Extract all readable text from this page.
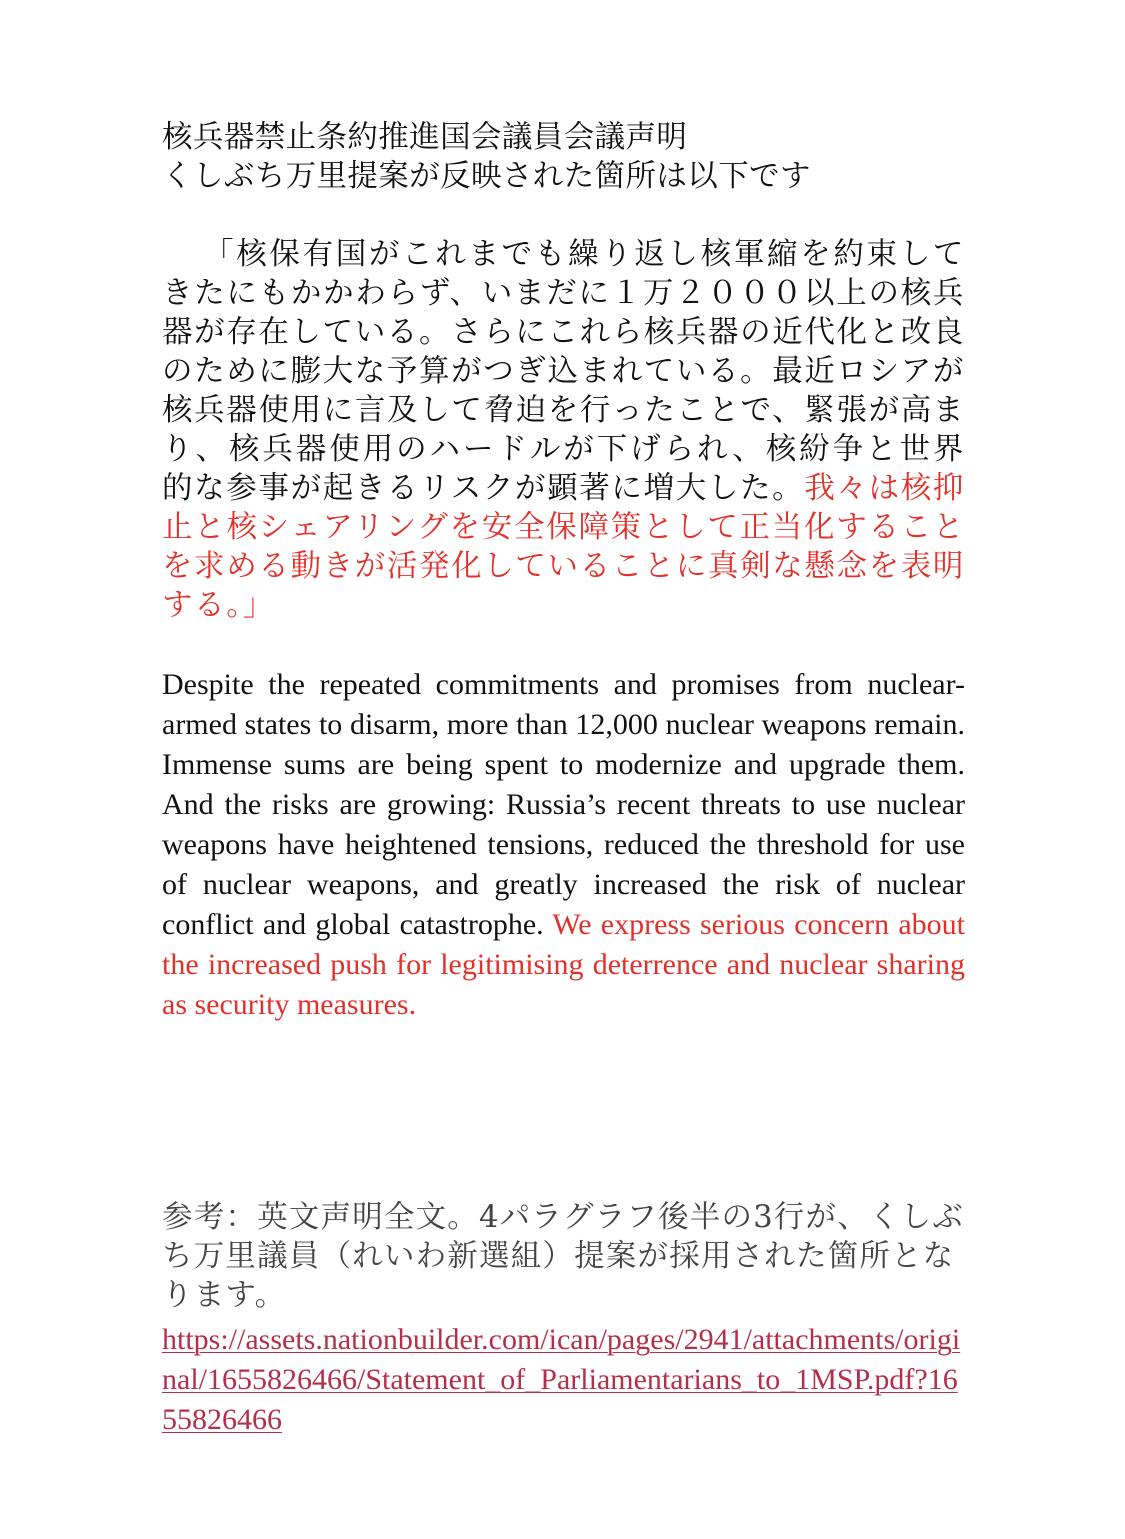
核兵器禁止条約推進国会議員会議声明
くしぶち万里提案が反映された箇所は以下です

「核保有国がこれまでも繰り返し核軍縮を約束してきたにもかかわらず、いまだに１万２０００以上の核兵器が存在している。さらにこれら核兵器の近代化と改良のために膨大な予算がつぎ込まれている。最近ロシアが核兵器使用に言及して脅迫を行ったことで、緊張が高まり、核兵器使用のハードルが下げられ、核紛争と世界的な参事が起きるリスクが顕著に増大した。我々は核抑止と核シェアリングを安全保障策として正当化することを求める動きが活発化していることに真剣な懸念を表明する。」

Despite the repeated commitments and promises from nuclear-armed states to disarm, more than 12,000 nuclear weapons remain. Immense sums are being spent to modernize and upgrade them. And the risks are growing: Russia’s recent threats to use nuclear weapons have heightened tensions, reduced the threshold for use of nuclear weapons, and greatly increased the risk of nuclear conflict and global catastrophe. We express serious concern about the increased push for legitimising deterrence and nuclear sharing as security measures.

参考：英文声明全文。4パラグラフ後半の3行が、くしぶち万里議員（れいわ新選組）提案が採用された箇所となります。

https://assets.nationbuilder.com/ican/pages/2941/attachments/original/1655826466/Statement_of_Parliamentarians_to_1MSP.pdf?1655826466
